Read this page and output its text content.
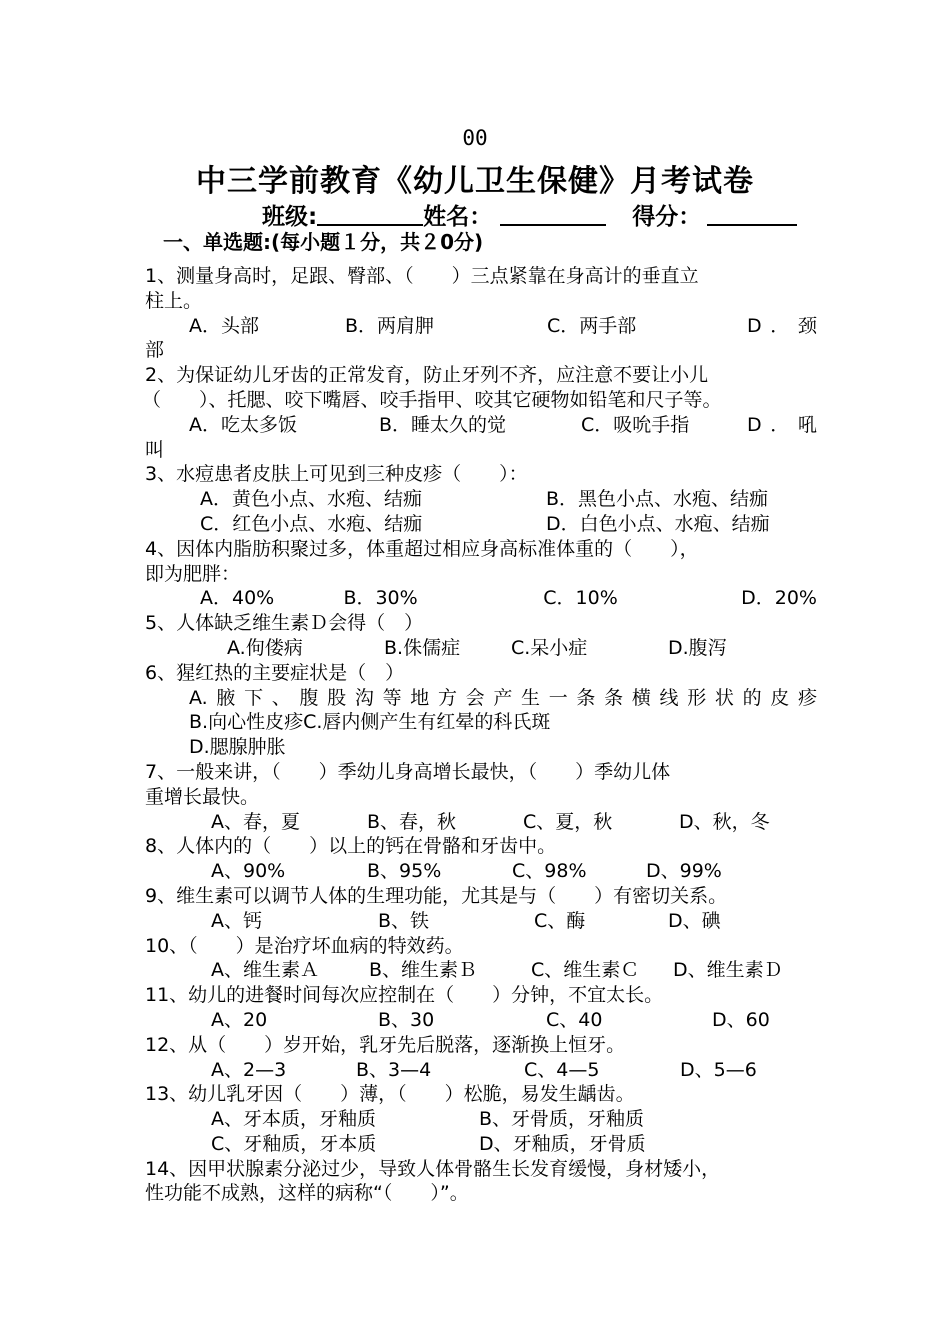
00
中三学前教育《幼儿卫生保健》月考试卷
班级:	姓名：	得分：
一、单选题:(每小题１分，共２0分)

1、测量身高时，足跟、臀部、（　　）三点紧靠在身高计的垂直立

柱上。

A．头部	B．两肩胛	C．两手部	D．颈

部

2、为保证幼儿牙齿的正常发育，防止牙列不齐，应注意不要让小儿

（　　）、托腮、咬下嘴唇、咬手指甲、咬其它硬物如铅笔和尺子等。

A．吃太多饭	B．睡太久的觉	C．吸吮手指	D．吼

叫

3、水痘患者皮肤上可见到三种皮疹（　　）：

A．黄色小点、水疱、结痂	B．黑色小点、水疱、结痂
C．红色小点、水疱、结痂	D．白色小点、水疱、结痂

4、因体内脂肪积聚过多，体重超过相应身高标准体重的（　　），

即为肥胖：

A．40%	B．30%	C．10%	D．20%

5、人体缺乏维生素Ｄ会得（　）

A.佝偻病	B.侏儒症	C.呆小症	D.腹泻

6、猩红热的主要症状是（　）

A.腋下、腹股沟等地方会产生一条条横线形状的皮疹

B.向心性皮疹C.唇内侧产生有红晕的科氏斑

D.腮腺肿胀

7、一般来讲，（　　）季幼儿身高增长最快，（　　）季幼儿体

重增长最快。

A、春，夏	B、春，秋	C、夏，秋	D、秋，冬

8、人体内的（　　）以上的钙在骨骼和牙齿中。

A、90%	B、95%	C、98%	D、99%

9、维生素可以调节人体的生理功能，尤其是与（　　）有密切关系。

A、钙	B、铁	C、酶	D、碘

10、（　　）是治疗坏血病的特效药。

A、维生素Ａ	B、维生素Ｂ	C、维生素Ｃ	D、维生素Ｄ

11、幼儿的进餐时间每次应控制在（　　）分钟，不宜太长。

A、20	B、30	C、40	D、60

12、从（　　）岁开始，乳牙先后脱落，逐渐换上恒牙。

A、2—3	B、3—4	C、4—5	D、5—6

13、幼儿乳牙因（　　）薄，（　　）松脆，易发生龋齿。

A、牙本质，牙釉质	B、牙骨质，牙釉质
C、牙釉质，牙本质	D、牙釉质，牙骨质

14、因甲状腺素分泌过少，导致人体骨骼生长发育缓慢，身材矮小，

性功能不成熟，这样的病称“（　　）”。
